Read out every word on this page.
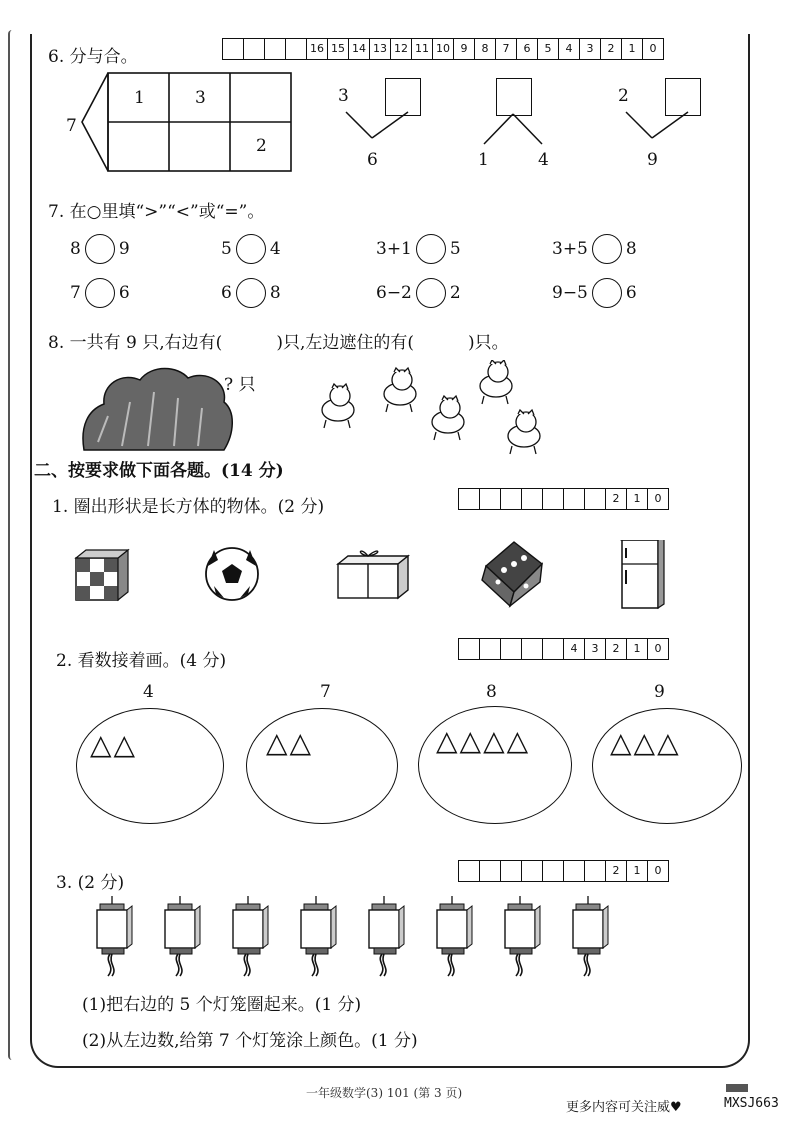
6. 分与合。	16 15 14 13 12 11 10 9	8	7	6	5	4	3	2	1	0
7
1	3
2
3
6	1	4
2
9
7. 在○里填“>”“<”或“=”。
8 9	5 4	3+1 5	3+5 8
7 6	6 8	6−2 2	9−5 6
8. 一共有 9 只,右边有(          )只,左边遮住的有(          )只。
? 只
二、按要求做下面各题。(14 分)
1. 圈出形状是长方体的物体。(2 分)	2	1	0
2. 看数接着画。(4 分)
4	3	2	1	0
4	7	8	9
△△	△△	△△△△	△△△
3. (2 分)
2	1	0
(1)把右边的 5 个灯笼圈起来。(1 分)
(2)从左边数,给第 7 个灯笼涂上颜色。(1 分)
一年级数学(3) 101 (第 3 页)
更多内容可关注威♥	MXSJ663
